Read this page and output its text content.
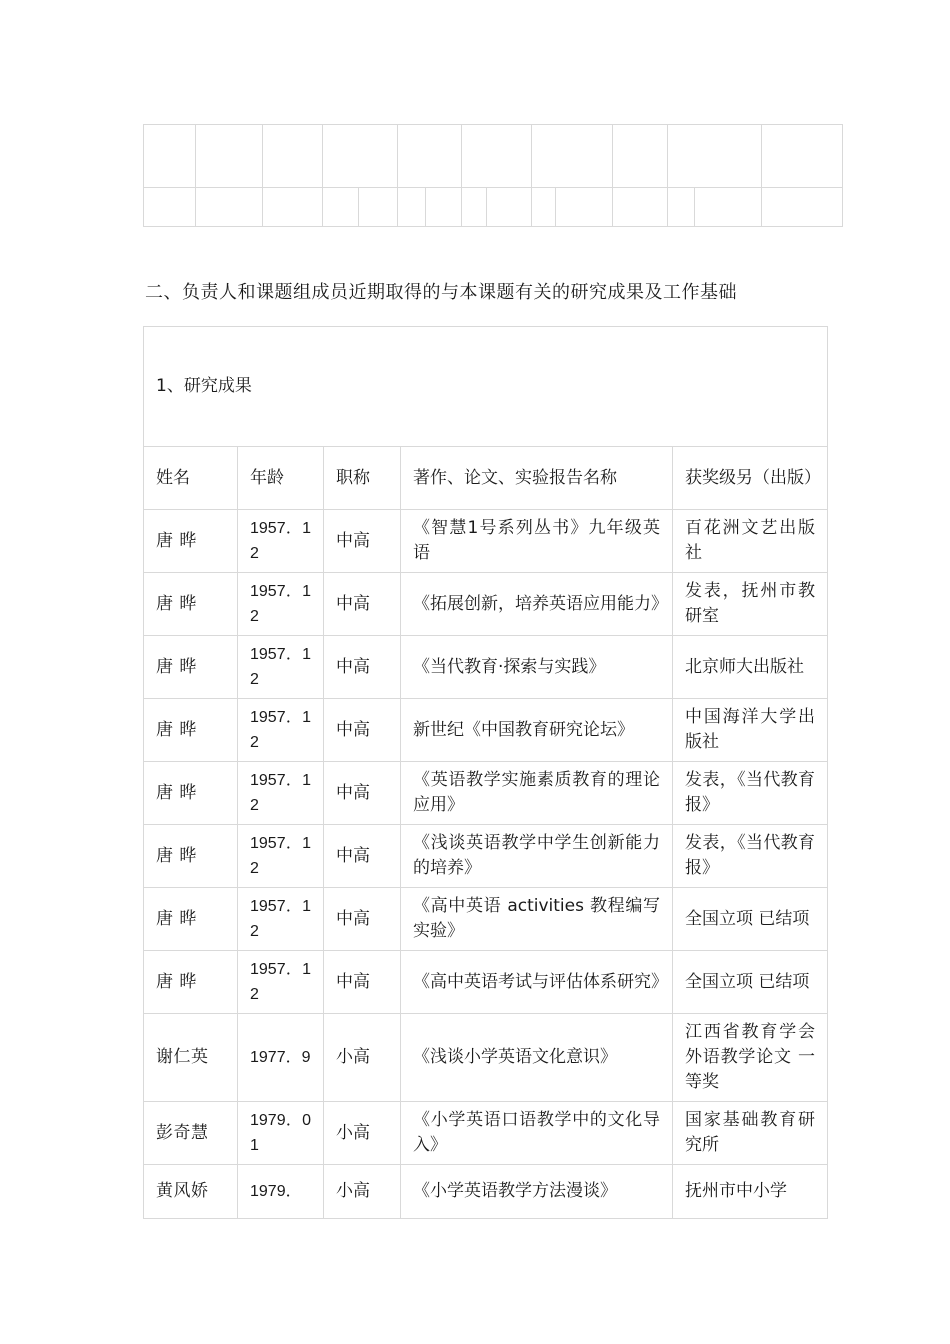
二、负责人和课题组成员近期取得的与本课题有关的研究成果及工作基础
1、研究成果				
姓名	年龄	职称	著作、论文、实验报告名称	获奖级另（出版）
唐 晔	1957．12	中高	《智慧1号系列丛书》九年级英语	百花洲文艺出版社
唐 晔	1957．12	中高	《拓展创新，培养英语应用能力》	发表，抚州市教研室
唐 晔	1957．12	中高	《当代教育·探索与实践》	北京师大出版社
唐 晔	1957．12	中高	新世纪《中国教育研究论坛》	中国海洋大学出版社
唐 晔	1957．12	中高	《英语教学实施素质教育的理论应用》	发表，《当代教育报》
唐 晔	1957．12	中高	《浅谈英语教学中学生创新能力的培养》	发表，《当代教育报》
唐 晔	1957．12	中高	《高中英语 activities 教程编写实验》	全国立项 已结项
唐 晔	1957．12	中高	《高中英语考试与评估体系研究》	全国立项 已结项
谢仁英	1977．9	小高	《浅谈小学英语文化意识》	江西省教育学会外语教学论文 一等奖
彭奇慧	1979．01	小高	《小学英语口语教学中的文化导入》	国家基础教育研究所
黄风娇	1979．	小高	《小学英语教学方法漫谈》	抚州市中小学
